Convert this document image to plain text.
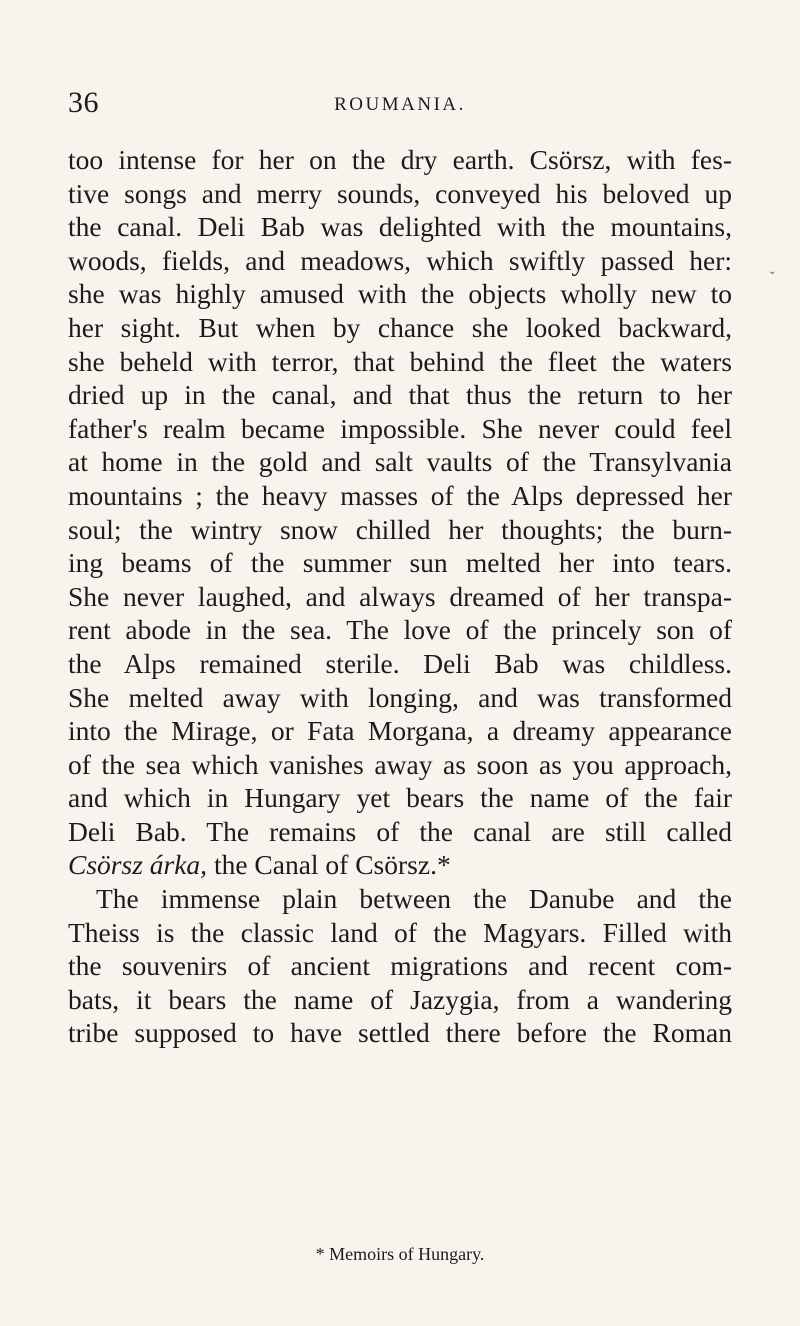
36	ROUMANIA.
too intense for her on the dry earth. Csörsz, with fes-
tive songs and merry sounds, conveyed his beloved up
the canal. Deli Bab was delighted with the mountains,
woods, fields, and meadows, which swiftly passed her:
she was highly amused with the objects wholly new to
her sight. But when by chance she looked backward,
she beheld with terror, that behind the fleet the waters
dried up in the canal, and that thus the return to her
father's realm became impossible. She never could feel
at home in the gold and salt vaults of the Transylvania
mountains ; the heavy masses of the Alps depressed her
soul; the wintry snow chilled her thoughts; the burn-
ing beams of the summer sun melted her into tears.
She never laughed, and always dreamed of her transpa-
rent abode in the sea. The love of the princely son of
the Alps remained sterile. Deli Bab was childless.
She melted away with longing, and was transformed
into the Mirage, or Fata Morgana, a dreamy appearance
of the sea which vanishes away as soon as you approach,
and which in Hungary yet bears the name of the fair
Deli Bab. The remains of the canal are still called
Csörsz árka, the Canal of Csörsz.*
The immense plain between the Danube and the
Theiss is the classic land of the Magyars. Filled with
the souvenirs of ancient migrations and recent com-
bats, it bears the name of Jazygia, from a wandering
tribe supposed to have settled there before the Roman
⌄
* Memoirs of Hungary.
